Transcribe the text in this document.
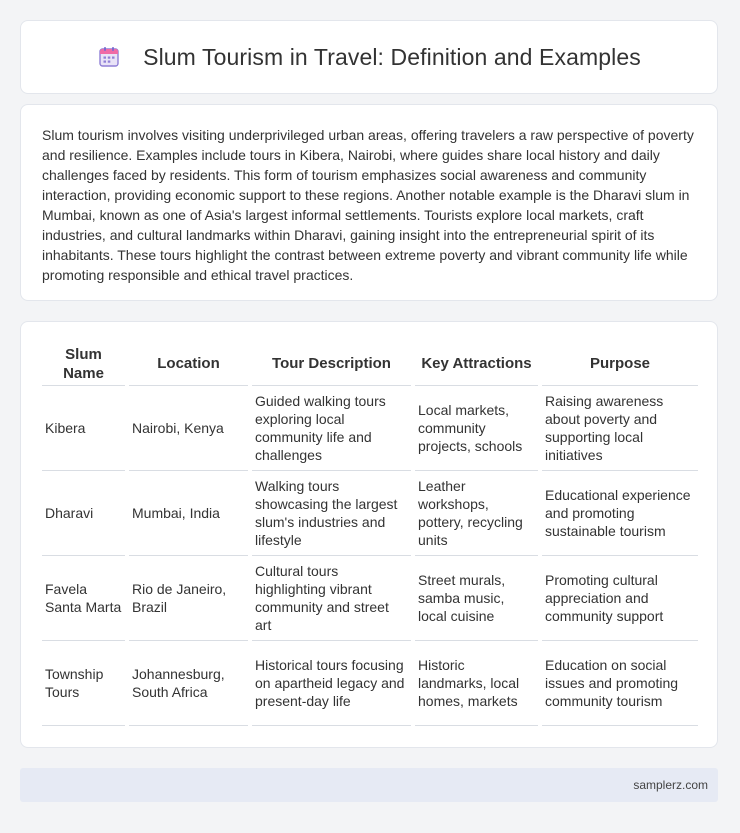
Slum Tourism in Travel: Definition and Examples

Slum tourism involves visiting underprivileged urban areas, offering travelers a raw perspective of poverty and resilience. Examples include tours in Kibera, Nairobi, where guides share local history and daily challenges faced by residents. This form of tourism emphasizes social awareness and community interaction, providing economic support to these regions. Another notable example is the Dharavi slum in Mumbai, known as one of Asia's largest informal settlements. Tourists explore local markets, craft industries, and cultural landmarks within Dharavi, gaining insight into the entrepreneurial spirit of its inhabitants. These tours highlight the contrast between extreme poverty and vibrant community life while promoting responsible and ethical travel practices.

Slum Name	Location	Tour Description	Key Attractions	Purpose
Kibera	Nairobi, Kenya	Guided walking tours exploring local community life and challenges	Local markets, community projects, schools	Raising awareness about poverty and supporting local initiatives
Dharavi	Mumbai, India	Walking tours showcasing the largest slum's industries and lifestyle	Leather workshops, pottery, recycling units	Educational experience and promoting sustainable tourism
Favela Santa Marta	Rio de Janeiro, Brazil	Cultural tours highlighting vibrant community and street art	Street murals, samba music, local cuisine	Promoting cultural appreciation and community support
Township Tours	Johannesburg, South Africa	Historical tours focusing on apartheid legacy and present-day life	Historic landmarks, local homes, markets	Education on social issues and promoting community tourism
samplerz.com
